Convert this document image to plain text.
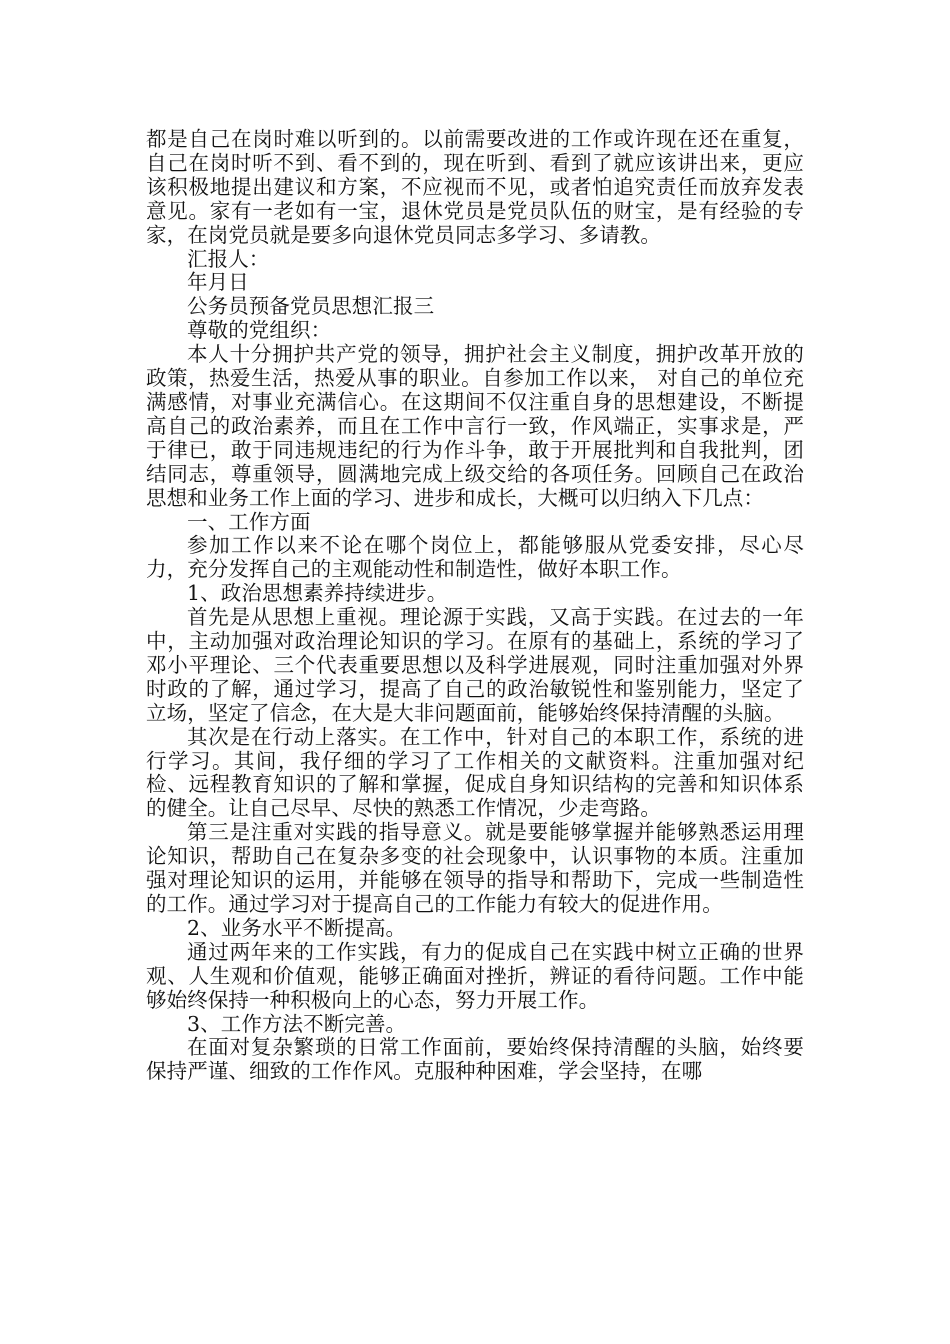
都是自己在岗时难以听到的。以前需要改进的工作或许现在还在重复，自己在岗时听不到、看不到的，现在听到、看到了就应该讲出来，更应该积极地提出建议和方案，不应视而不见，或者怕追究责任而放弃发表意见。家有一老如有一宝，退休党员是党员队伍的财宝，是有经验的专家，在岗党员就是要多向退休党员同志多学习、多请教。

汇报人：

年月日

公务员预备党员思想汇报三

尊敬的党组织：

本人十分拥护共产党的领导，拥护社会主义制度，拥护改革开放的政策，热爱生活，热爱从事的职业。自参加工作以来， 对自己的单位充满感情，对事业充满信心。在这期间不仅注重自身的思想建设，不断提高自己的政治素养，而且在工作中言行一致，作风端正，实事求是，严于律已，敢于同违规违纪的行为作斗争，敢于开展批判和自我批判，团结同志，尊重领导，圆满地完成上级交给的各项任务。回顾自己在政治思想和业务工作上面的学习、进步和成长，大概可以归纳入下几点：

一、工作方面

参加工作以来不论在哪个岗位上，都能够服从党委安排，尽心尽力，充分发挥自己的主观能动性和制造性，做好本职工作。

1、政治思想素养持续进步。

首先是从思想上重视。理论源于实践，又高于实践。在过去的一年中，主动加强对政治理论知识的学习。在原有的基础上，系统的学习了邓小平理论、三个代表重要思想以及科学进展观，同时注重加强对外界时政的了解，通过学习，提高了自己的政治敏锐性和鉴别能力，坚定了立场，坚定了信念，在大是大非问题面前，能够始终保持清醒的头脑。

其次是在行动上落实。在工作中，针对自己的本职工作，系统的进行学习。其间，我仔细的学习了工作相关的文献资料。注重加强对纪检、远程教育知识的了解和掌握，促成自身知识结构的完善和知识体系的健全。让自己尽早、尽快的熟悉工作情况，少走弯路。

第三是注重对实践的指导意义。就是要能够掌握并能够熟悉运用理论知识，帮助自己在复杂多变的社会现象中，认识事物的本质。注重加强对理论知识的运用，并能够在领导的指导和帮助下，完成一些制造性的工作。通过学习对于提高自己的工作能力有较大的促进作用。

2、业务水平不断提高。

通过两年来的工作实践，有力的促成自己在实践中树立正确的世界观、人生观和价值观，能够正确面对挫折，辨证的看待问题。工作中能够始终保持一种积极向上的心态，努力开展工作。

3、工作方法不断完善。

在面对复杂繁琐的日常工作面前，要始终保持清醒的头脑，始终要保持严谨、细致的工作作风。克服种种困难，学会坚持，在哪
